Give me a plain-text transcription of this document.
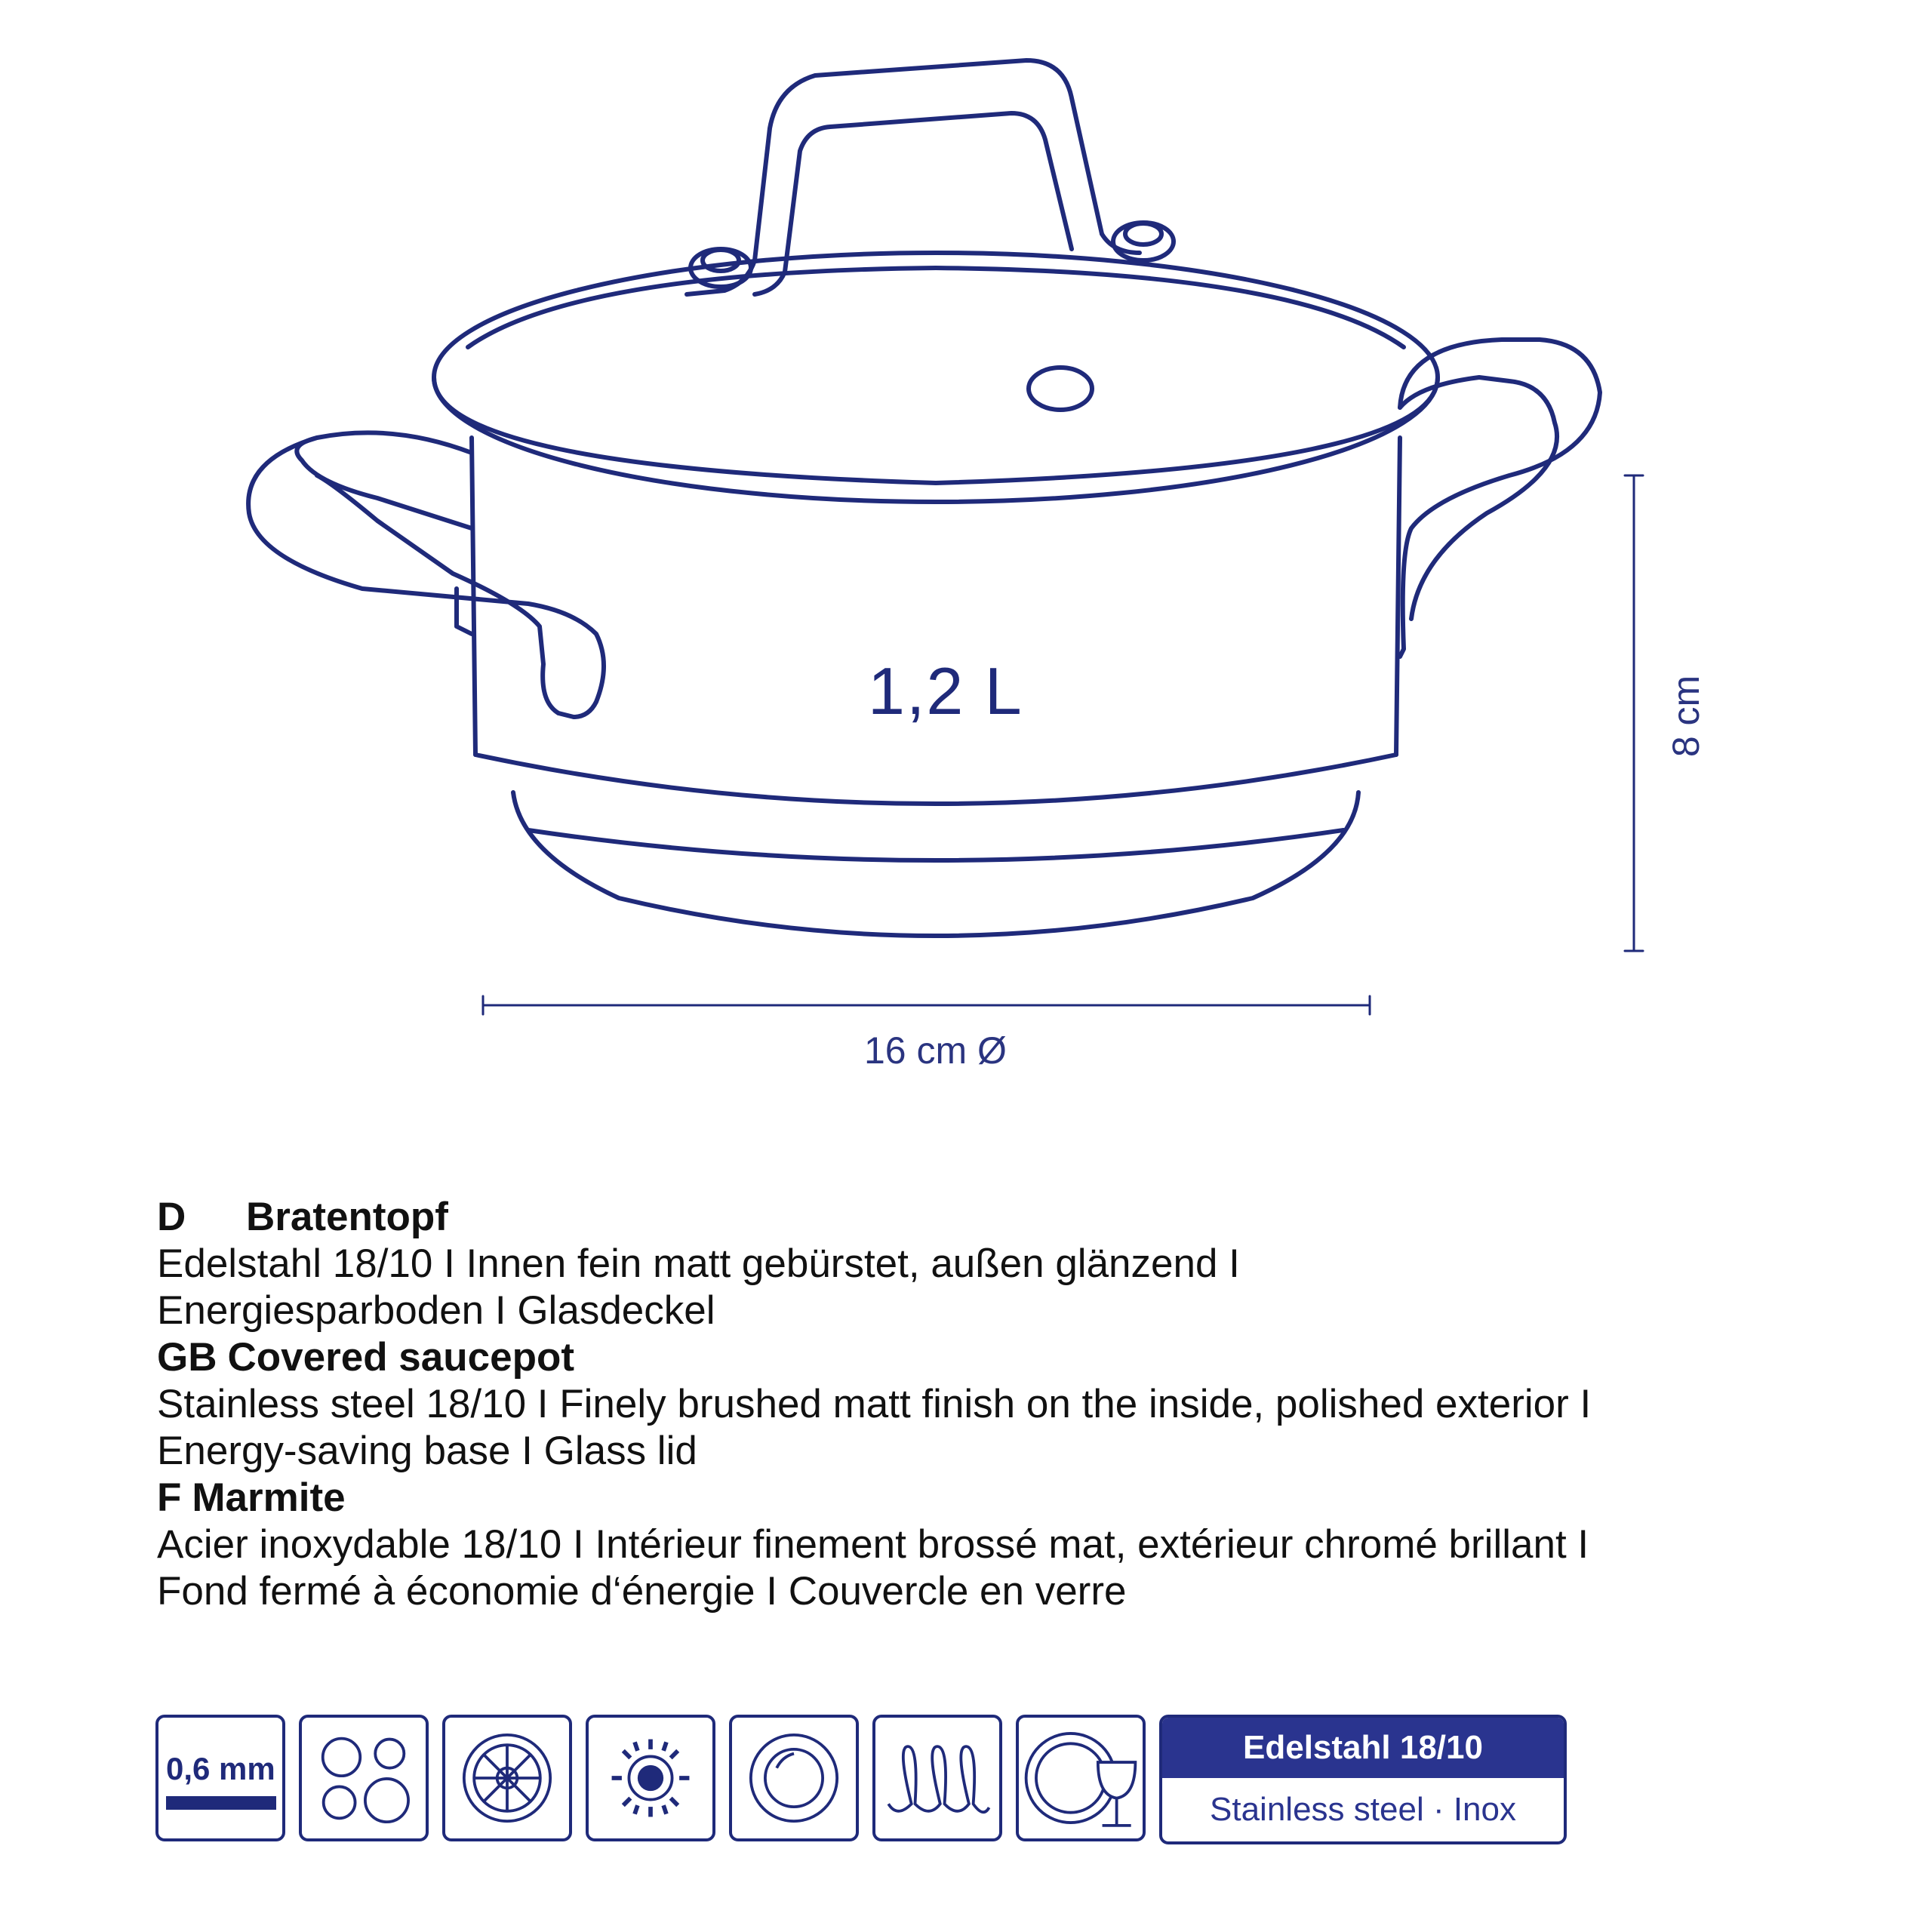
1,2 L
16 cm Ø
8 cm
D Bratentopf
Edelstahl 18/10 I Innen fein matt gebürstet, außen glänzend I
Energiesparboden I Glasdeckel
GB Covered saucepot
Stainless steel 18/10 I Finely brushed matt finish on the inside, polished exterior I
Energy-saving base I Glass lid
F Marmite
Acier inoxydable 18/10 I Intérieur finement brossé mat, extérieur chromé brillant I
Fond fermé à économie d‘énergie I Couvercle en verre
0,6 mm
Edelstahl 18/10
Stainless steel · Inox
